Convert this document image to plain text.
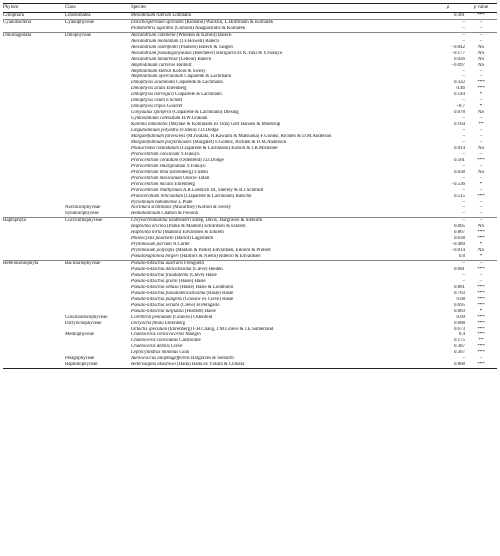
Phylum	Class	Species	ρ	p value
Ciliophora	Litostomatea	Mesodinium rubrum Lohmann	0.381	***
Cyanobacteria	Cyanophyceae	Dolichospermum spiroides (Klebahn) Wacklin, L.Hoffmann & Komárek	–	–
		Planktothrix agardhii (Gomont) Anagnostidis & Komárek	–	–
Dinoflagellata	Dinophyceae	Alexandrium catenella (Whedon & Kofoid) Balech	–	–
		Alexandrium monilatum (J.F.Howell) Balech	–	–
		Alexandrium ostenfeldii (Paulsen) Balech & Tangen	−0.042	NS
		Alexandrium pseudogonyaulax (Biecheler) Horiguchi ex K.Yuki & Y.Fukuyo	−0.177	NS
		Alexandrium tamarense (Lebour) Balech	0.026	NS
		Amphidinium carterae Hulburt	−0.097	NS
		Amphidinium klebsii Kofoid & Swezy	–	–
		Amphidinium operculatum Claparède & Lachmann	–	–
		Dinophysis acuminata Claparède & Lachmann	0.322	***
		Dinophysis acuta Ehrenberg	0.46	***
		Dinophysis norvegica Claparède & Lachmann	0.144	*
		Dinophysis ovum F.Schütt	–	–
		Dinophysis tripos Gourret	−0.7	*
		Gonyaulax spinifera (Claparède & Lachmann) Diesing	0.078	NS
		Gymnodinium catenatum H.W.Graham	–	–
		Karenia mikimotoi (Miyake & Kominami ex Oda) Gert Hansen & Moestrup	0.164	**
		Lingulodinium polyedra (F.Stein) J.D.Dodge	–	–
		Margalefidinium fulvescens (M.Iwataki, H.Kawami & Matsuoka) F.Gómez, Richlen & D.M.Anderson	–	–
		Margalefidinium polykrikoides (Margalef) F.Gómez, Richlen & D.M.Anderson	–	–
		Phalacroma rotundatum (Claparède & Lachmann) Kofoid & J.R.Michener	0.014	NS
		Prorocentrum concavum Y.Fukuyo	–	–
		Prorocentrum cordatum (Ostenfeld) J.D.Dodge	0.561	***
		Prorocentrum emarginatum Y.Fukuyo	–	–
		Prorocentrum lima (Ehrenberg) F.Stein	0.038	NS
		Prorocentrum mexicanum Osorio-Tafall	–	–
		Prorocentrum micans Ehrenberg	−0.536	*
		Prorocentrum rhathymum A.R.Loeblich III, Sherley & R.J.Schmidt	–	–
		Protoceratium reticulatum (Claparède & Lachmann) Bütschli	0.515	***
		Pyrodinium bahamense L.Plate	–	–
	Noctilucophyceae	Noctiluca scintillans (Macartney) Kofoid & Swezy	–	–
	Syndiniophyceae	Hematodinium Chatton & Poisson	–	–
Haptophyta	Coccolithophyceae	Chrysochromulina leadbeateri Estep, Davis, Hargraves & Sieburth	–	–
		Haptolina ericina (Parke & Manton) Edvardsen & Eikrem	0.005	NS
		Haptolina hirta (Manton) Edvardsen & Eikrem	0.867	***
		Phaeocystis pouchetii (Hariot) Lagerheim	0.638	***
		Prymnesium parvum N.Carter	−0.489	*
		Prymnesium polylepis (Manton & Parke) Edvardsen, Eikrem & Probert	−0.014	NS
		Pseudohaptolina birgeri (Hällfors & Niemi) Ribeiro & Edvardsen	0.8	*
Heterokontophyta	Bacillariophyceae	Pseudo-nitzschia australis Frenguelli	–	–
		Pseudo-nitzschia delicatissima (Cleve) Heiden	0.681	***
		Pseudo-nitzschia fraudulenta (Cleve) Hasle	–	–
		Pseudo-nitzschia granii (Hasle) Hasle	–	–
		Pseudo-nitzschia obtusa (Hasle) Hasle & Lundholm	0.881	***
		Pseudo-nitzschia pseudodelicatissima (Hasle) Hasle	0.703	***
		Pseudo-nitzschia pungens (Grunow ex Cleve) Hasle	0.68	***
		Pseudo-nitzschia seriata (Cleve) H.Peragallo	0.695	***
		Pseudo-nitzschia turgidula (Hustedt) Hasle	0.803	*
	Coscinodiscophyceae	Corethron pennatum (Grunow) Ostenfeld	0.69	***
	Dictyochophyceae	Dictyocha fibula Ehrenberg	0.688	***
		Octactis speculum (Ehrenberg) F.H.Chang, J.M.Grieve & J.E.Sutherland	0.673	***
	Mediophyceae	Chaetoceros concavicornis Mangin	0.4	***
		Chaetoceros convolutus Castracane	0.175	**
		Chaetoceros debilis Cleve	0.387	***
		Leptocylindrus minimus Gran	0.367	***
	Pelagophyceae	Aureococcus anophagefferens Hargraves & Sieburth	–	–
	Raphidophyceae	Heterosigma akashiwo (Hada) Hada ex Y.Hara & Chihara	0.868	***
